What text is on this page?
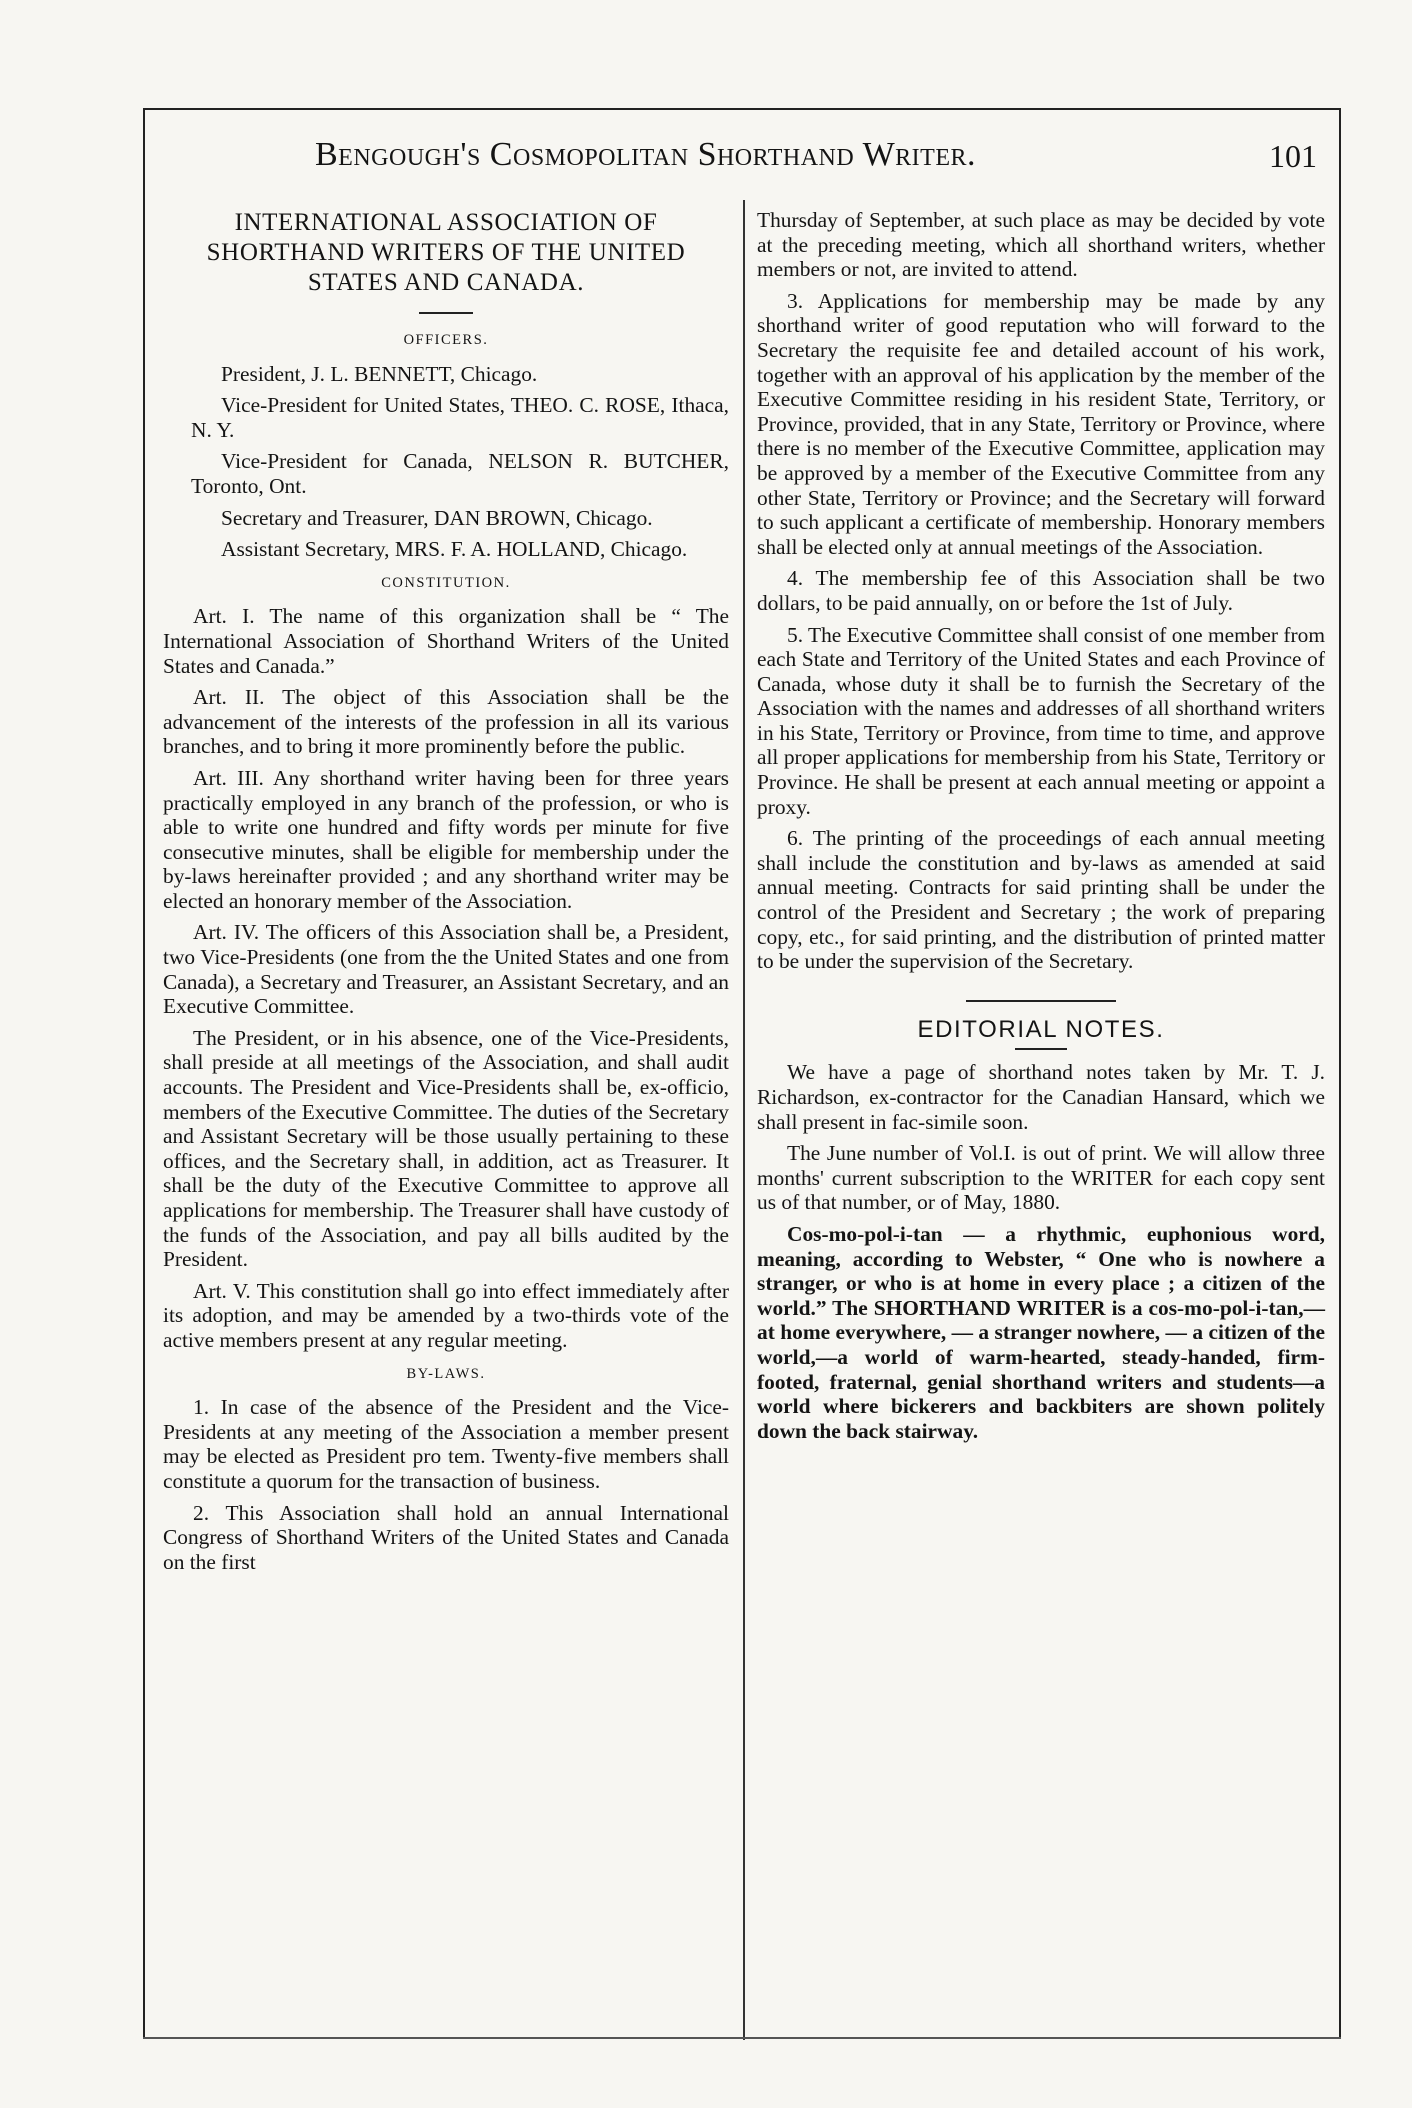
Bengough's Cosmopolitan Shorthand Writer.	101
INTERNATIONAL ASSOCIATION OF SHORTHAND WRITERS OF THE UNITED STATES AND CANADA.
OFFICERS.

President, J. L. BENNETT, Chicago.

Vice-President for United States, THEO. C. ROSE, Ithaca, N. Y.

Vice-President for Canada, NELSON R. BUTCHER, Toronto, Ont.

Secretary and Treasurer, DAN BROWN, Chicago.

Assistant Secretary, MRS. F. A. HOLLAND, Chicago.

CONSTITUTION.

Art. I. The name of this organization shall be “ The International Association of Shorthand Writers of the United States and Canada.”

Art. II. The object of this Association shall be the advancement of the interests of the profession in all its various branches, and to bring it more prominently before the public.

Art. III. Any shorthand writer having been for three years practically employed in any branch of the profession, or who is able to write one hundred and fifty words per minute for five consecutive minutes, shall be eligible for membership under the by-laws hereinafter provided ; and any shorthand writer may be elected an honorary member of the Association.

Art. IV. The officers of this Association shall be, a President, two Vice-Presidents (one from the the United States and one from Canada), a Secretary and Treasurer, an Assistant Secretary, and an Executive Committee.

The President, or in his absence, one of the Vice-Presidents, shall preside at all meetings of the Association, and shall audit accounts. The President and Vice-Presidents shall be, ex-officio, members of the Executive Committee. The duties of the Secretary and Assistant Secretary will be those usually pertaining to these offices, and the Secretary shall, in addition, act as Treasurer. It shall be the duty of the Executive Committee to approve all applications for membership. The Treasurer shall have custody of the funds of the Association, and pay all bills audited by the President.

Art. V. This constitution shall go into effect immediately after its adoption, and may be amended by a two-thirds vote of the active members present at any regular meeting.

BY-LAWS.

1. In case of the absence of the President and the Vice-Presidents at any meeting of the Association a member present may be elected as President pro tem. Twenty-five members shall constitute a quorum for the transaction of business.

2. This Association shall hold an annual International Congress of Shorthand Writers of the United States and Canada on the first

Thursday of September, at such place as may be decided by vote at the preceding meeting, which all shorthand writers, whether members or not, are invited to attend.

3. Applications for membership may be made by any shorthand writer of good reputation who will forward to the Secretary the requisite fee and detailed account of his work, together with an approval of his application by the member of the Executive Committee residing in his resident State, Territory, or Province, provided, that in any State, Territory or Province, where there is no member of the Executive Committee, application may be approved by a member of the Executive Committee from any other State, Territory or Province; and the Secretary will forward to such applicant a certificate of membership. Honorary members shall be elected only at annual meetings of the Association.

4. The membership fee of this Association shall be two dollars, to be paid annually, on or before the 1st of July.

5. The Executive Committee shall consist of one member from each State and Territory of the United States and each Province of Canada, whose duty it shall be to furnish the Secretary of the Association with the names and addresses of all shorthand writers in his State, Territory or Province, from time to time, and approve all proper applications for membership from his State, Territory or Province. He shall be present at each annual meeting or appoint a proxy.

6. The printing of the proceedings of each annual meeting shall include the constitution and by-laws as amended at said annual meeting. Contracts for said printing shall be under the control of the President and Secretary ; the work of preparing copy, etc., for said printing, and the distribution of printed matter to be under the supervision of the Secretary.

EDITORIAL NOTES.

We have a page of shorthand notes taken by Mr. T. J. Richardson, ex-contractor for the Canadian Hansard, which we shall present in fac-simile soon.

The June number of Vol.I. is out of print. We will allow three months' current subscription to the WRITER for each copy sent us of that number, or of May, 1880.

Cos-mo-pol-i-tan — a rhythmic, euphonious word, meaning, according to Webster, “ One who is nowhere a stranger, or who is at home in every place ; a citizen of the world.” The SHORTHAND WRITER is a cos-mo-pol-i-tan,—at home everywhere, — a stranger nowhere, — a citizen of the world,—a world of warm-hearted, steady-handed, firm-footed, fraternal, genial shorthand writers and students—a world where bickerers and backbiters are shown politely down the back stairway.
